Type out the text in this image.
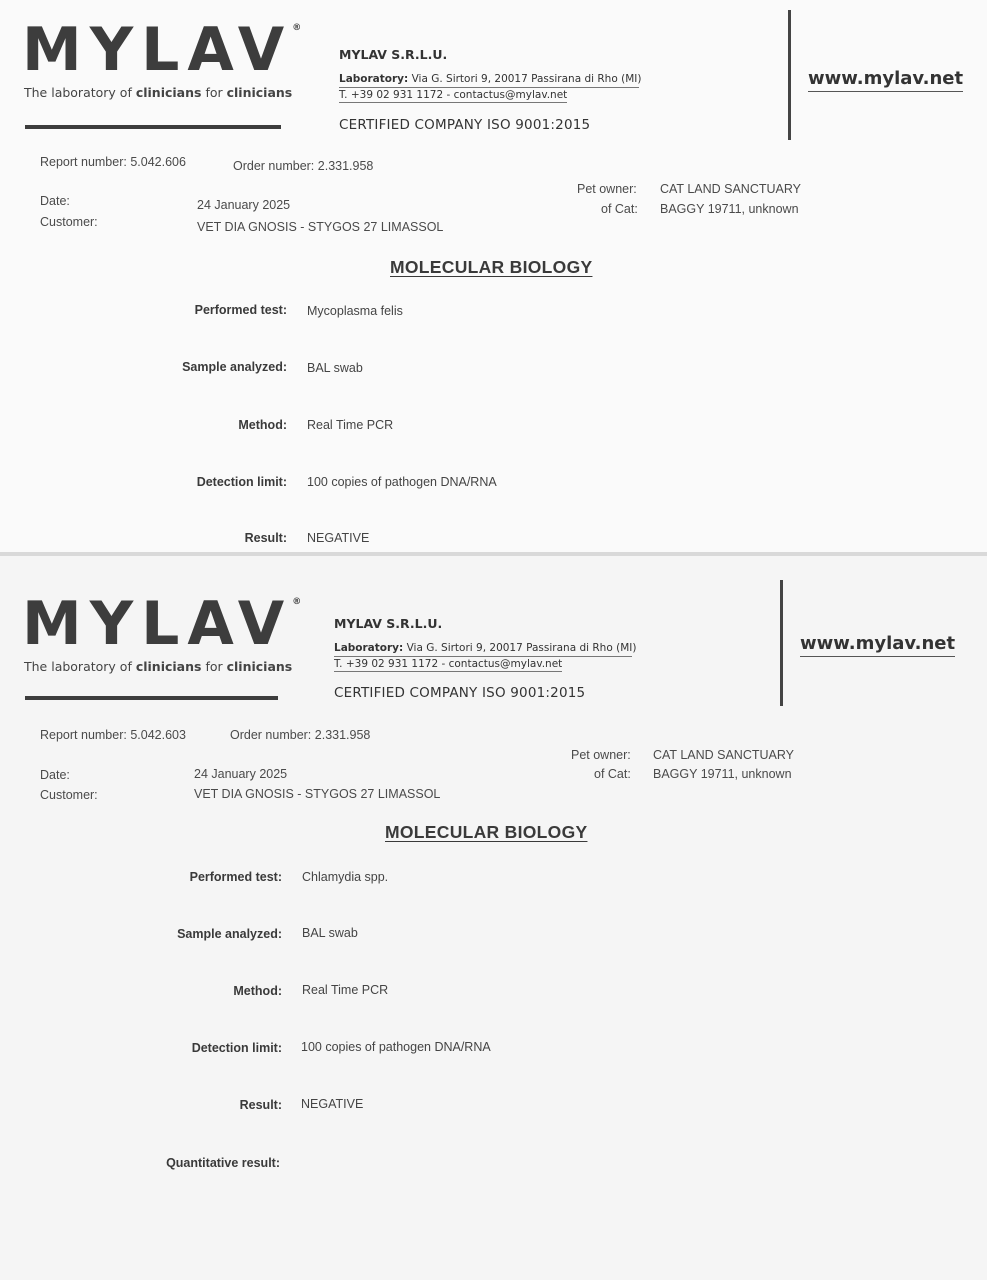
MYLAV®
The laboratory of clinicians for clinicians
MYLAV S.R.L.U.
Laboratory: Via G. Sirtori 9, 20017 Passirana di Rho (MI)
T. +39 02 931 1172 - contactus@mylav.net
CERTIFIED COMPANY ISO 9001:2015
www.mylav.net
Report number: 5.042.606	Order number: 2.331.958
Date:	24 January 2025
Customer:	VET DIA GNOSIS - STYGOS 27 LIMASSOL
Pet owner: CAT LAND SANCTUARY
of Cat: BAGGY 19711, unknown
MOLECULAR BIOLOGY
Performed test: Mycoplasma felis
Sample analyzed: BAL swab
Method: Real Time PCR
Detection limit: 100 copies of pathogen DNA/RNA
Result: NEGATIVE
MYLAV®
The laboratory of clinicians for clinicians
MYLAV S.R.L.U.
Laboratory: Via G. Sirtori 9, 20017 Passirana di Rho (MI)
T. +39 02 931 1172 - contactus@mylav.net
CERTIFIED COMPANY ISO 9001:2015
www.mylav.net
Report number: 5.042.603	Order number: 2.331.958
Date:	24 January 2025
Customer:	VET DIA GNOSIS - STYGOS 27 LIMASSOL
Pet owner: CAT LAND SANCTUARY
of Cat: BAGGY 19711, unknown
MOLECULAR BIOLOGY
Performed test: Chlamydia spp.
Sample analyzed: BAL swab
Method: Real Time PCR
Detection limit: 100 copies of pathogen DNA/RNA
Result: NEGATIVE
Quantitative result:
